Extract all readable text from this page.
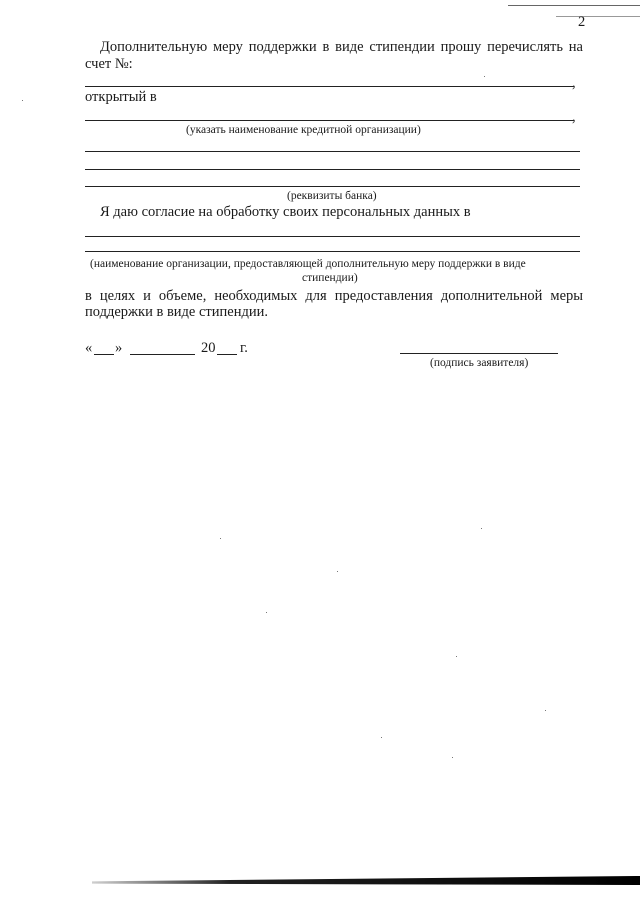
2
Дополнительную меру поддержки в виде стипендии прошу перечислять на
счет №:
,
открытый в
,
(указать наименование кредитной организации)
(реквизиты банка)
Я даю согласие на обработку своих персональных данных в
(наименование организации, предоставляющей дополнительную меру поддержки в виде
стипендии)
в целях и объеме, необходимых для предоставления дополнительной меры
поддержки в виде стипендии.
« »	20 г.
(подпись заявителя)
